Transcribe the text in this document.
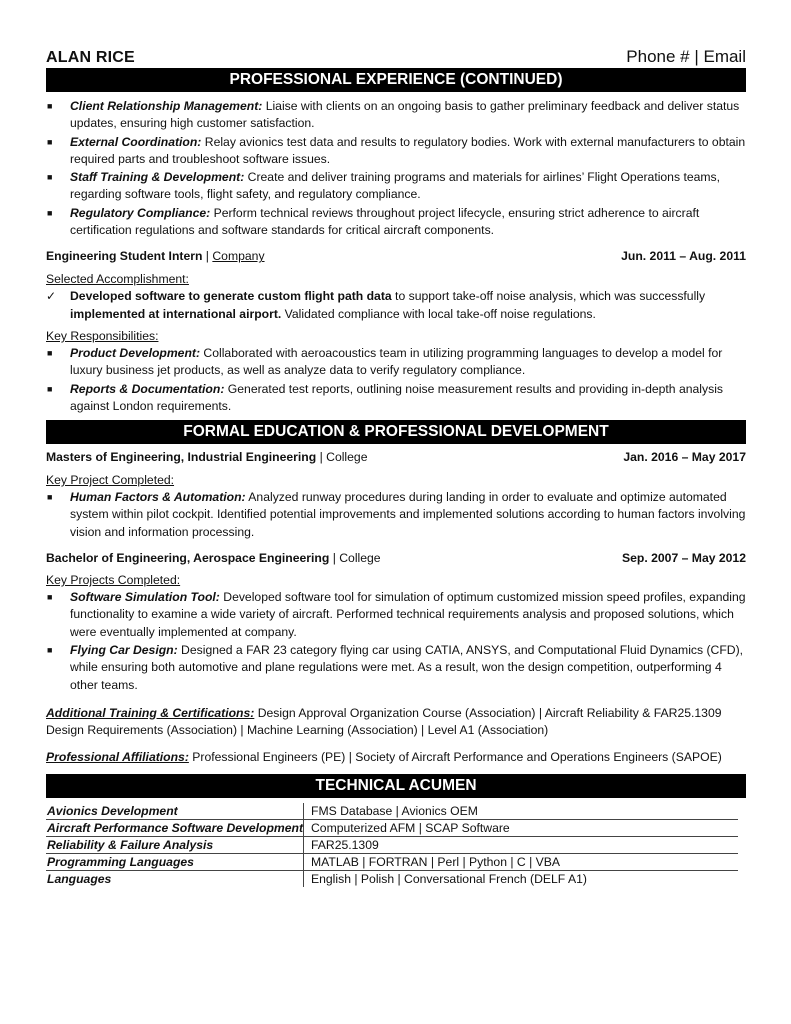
ALAN RICE	Phone # | Email
PROFESSIONAL EXPERIENCE (CONTINUED)
■ Client Relationship Management: Liaise with clients on an ongoing basis to gather preliminary feedback and deliver status updates, ensuring high customer satisfaction.
■ External Coordination: Relay avionics test data and results to regulatory bodies. Work with external manufacturers to obtain required parts and troubleshoot software issues.
■ Staff Training & Development: Create and deliver training programs and materials for airlines’ Flight Operations teams, regarding software tools, flight safety, and regulatory compliance.
■ Regulatory Compliance: Perform technical reviews throughout project lifecycle, ensuring strict adherence to aircraft certification regulations and software standards for critical aircraft components.
Engineering Student Intern | Company	Jun. 2011 – Aug. 2011
Selected Accomplishment:
✓ Developed software to generate custom flight path data to support take-off noise analysis, which was successfully implemented at international airport. Validated compliance with local take-off noise regulations.
Key Responsibilities:
■ Product Development: Collaborated with aeroacoustics team in utilizing programming languages to develop a model for luxury business jet products, as well as analyze data to verify regulatory compliance.
■ Reports & Documentation: Generated test reports, outlining noise measurement results and providing in-depth analysis against London requirements.
FORMAL EDUCATION & PROFESSIONAL DEVELOPMENT
Masters of Engineering, Industrial Engineering | College	Jan. 2016 – May 2017
Key Project Completed:
■ Human Factors & Automation: Analyzed runway procedures during landing in order to evaluate and optimize automated system within pilot cockpit. Identified potential improvements and implemented solutions according to human factors involving vision and information processing.
Bachelor of Engineering, Aerospace Engineering | College	Sep. 2007 – May 2012
Key Projects Completed:
■ Software Simulation Tool: Developed software tool for simulation of optimum customized mission speed profiles, expanding functionality to examine a wide variety of aircraft. Performed technical requirements analysis and proposed solutions, which were eventually implemented at company.
■ Flying Car Design: Designed a FAR 23 category flying car using CATIA, ANSYS, and Computational Fluid Dynamics (CFD), while ensuring both automotive and plane regulations were met. As a result, won the design competition, outperforming 4 other teams.
Additional Training & Certifications: Design Approval Organization Course (Association) | Aircraft Reliability & FAR25.1309 Design Requirements (Association) | Machine Learning (Association) | Level A1 (Association)
Professional Affiliations: Professional Engineers (PE) | Society of Aircraft Performance and Operations Engineers (SAPOE)
TECHNICAL ACUMEN
Avionics Development	FMS Database | Avionics OEM
Aircraft Performance Software Development	Computerized AFM | SCAP Software
Reliability & Failure Analysis	FAR25.1309
Programming Languages	MATLAB | FORTRAN | Perl | Python | C | VBA
Languages	English | Polish | Conversational French (DELF A1)
